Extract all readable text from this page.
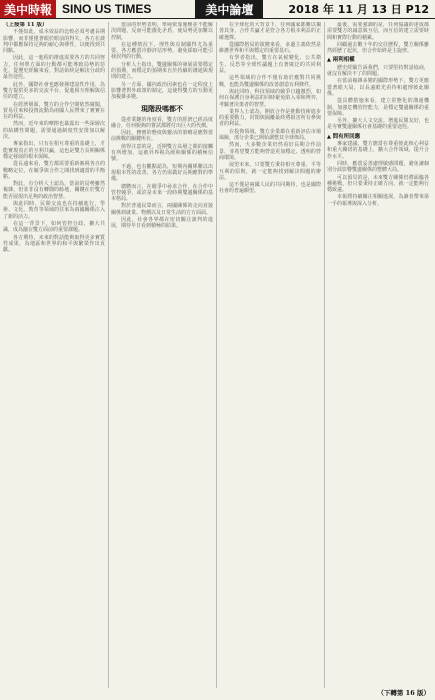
美中時報 SINO US TIMES	美中論壇	2018 年 11 月 13 日 P12

（上接第 11 版）

不僅如此，成本效益的比較必須考慮長期影響，而非僅僅著眼於眼前的得失。各方在談判中都應保持足夠的耐心與彈性，以便找到共同點。

因此，這一進程的推進需要各方的共同努力，任何單方面的行動都可能導致局勢的惡化。從歷史經驗來看，對話始終是解決分歧的最佳途徑。

此外，國際社會也應發揮建設性作用，為雙方提供更多的交流平台，促進相互理解與信任的建立。

在經濟層面，雙方的合作空間依然廣闊，貿易往來和投資流動為兩國人民帶來了實實在在的利益。

然而，近年來的摩擦也暴露出一些深層次的結構性問題，需要通過制度性安排加以解決。

專家指出，只有在相互尊重的基礎上，才能實現真正的互利共贏，這也是雙方長期關係穩定發展的根本保障。

從長遠來看，雙方都需要重新審視各自的戰略定位，在競爭與合作之間找到適當的平衡點。

對此，有分析人士認為，當前的局勢雖然複雜，但並非沒有轉圜的餘地，關鍵在於雙方能否展現出足夠的政治智慧。

與此同時，民間交流也在持續進行，學術、文化、教育等領域的往來為兩國關係注入了新的活力。

在這一背景下，如何管控分歧、擴大共識，成為擺在雙方面前的重要課題。

各方期待，未來的對話能夠取得更多實質性成果，為地區和世界的和平與繁榮作出貢獻。

當前的形勢表明，單純依靠施壓並不能解決問題，反而可能激化矛盾，使局勢更加難以控制。

在這種情況下，理性與克制顯得尤為重要。各方應當冷靜評估形勢，避免採取可能引發誤判的行動。

分析人士指出，雙邊關係的發展需要穩定的預期，而穩定的預期來自於持續的溝通與規則的建立。

另一方面，國內政治因素也在一定程度上影響著對外政策的制定，這使得雙方的互動更加複雜多變。

現階段嗎都不

從產業鏈的角度看，雙方的經濟已經高度融合，任何脫鉤的嘗試都將付出巨大的代價。

因此，務實的態度與靈活的策略是應對當前挑戰的關鍵所在。

值得注意的是，近期雙方高層之間的接觸有所增加，這被外界視為緩和關係的積極信號。

不過，也有觀點認為，短期內關係難以出現根本性的改善，各方仍需做好長期應對的準備。

總體而言，在競爭中尋求合作，在合作中管控競爭，或許是未來一段時期雙邊關係的基本格局。

對於普通民眾而言，兩國關係的走向直接關係到就業、物價以及日常生活的方方面面。

因此，社會各界都在密切關注談判的進展，期待早日看到積極的結果。

在全球化的大背景下，任何國家都難以獨善其身，合作共贏才是符合各方根本利益的正確選擇。

從國際格局的演變來看，多邊主義依然是維護世界和平與穩定的重要基石。

有學者指出，雙方在氣候變化、公共衛生、反恐等全球性議題上有著廣泛的共同利益。

這些領域的合作不僅有助於應對共同挑戰，也能為雙邊關係的改善創造有利條件。

與此同時，科技領域的競爭日趨激烈，如何在保護自身利益的同時避免陷入零和博弈，考驗著決策者的智慧。

業界人士認為，開放合作是推動技術進步的重要動力，封閉與隔離最終將損害所有參與者的利益。

在投資領域，雙方企業都在重新評估市場風險，部分企業已開始調整其全球佈局。

然而，大多數企業仍然看好長期合作前景，並希望雙方能夠營造更加穩定、透明的營商環境。

展望未來，只要雙方秉持相互尊重、平等互利的原則，就一定能夠找到解決問題的辦法。

這不僅是兩國人民的共同期待，也是國際社會的普遍願望。

最後，需要強調的是，任何協議的達成都需要雙方的誠意與互信，而互信的建立需要時間和實際行動的積累。

回顧過去數十年的交往歷程，雙方關係雖然經歷了起伏，但合作始終是主旋律。

▲ 兩利相權

歷史經驗告訴我們，只要堅持對話協商，就沒有解決不了的問題。

在當前複雜多變的國際形勢下，雙方更應當著眼大局，以長遠眼光看待和處理彼此關係。

從具體措施來看，建立常態化的溝通機制、加強危機管控能力，是穩定雙邊關係的重要保障。

另外，擴大人文交流、增進民間友好，也是夯實雙邊關係社會基礎的重要途徑。

▲ 問有所回應

專家建議，雙方應當在尊重彼此核心利益和重大關切的基礎上，擴大合作領域、提升合作水平。

同時，應當妥善處理敏感問題，避免讓個別分歧影響雙邊關係的整體大局。

可以預見的是，未來雙方關係仍將面臨各種挑戰，但只要秉持正確方向，就一定能夠行穩致遠。

本報將持續關注相關進展，為讀者帶來第一手的報導與深入分析。

（下轉第 16 版）
